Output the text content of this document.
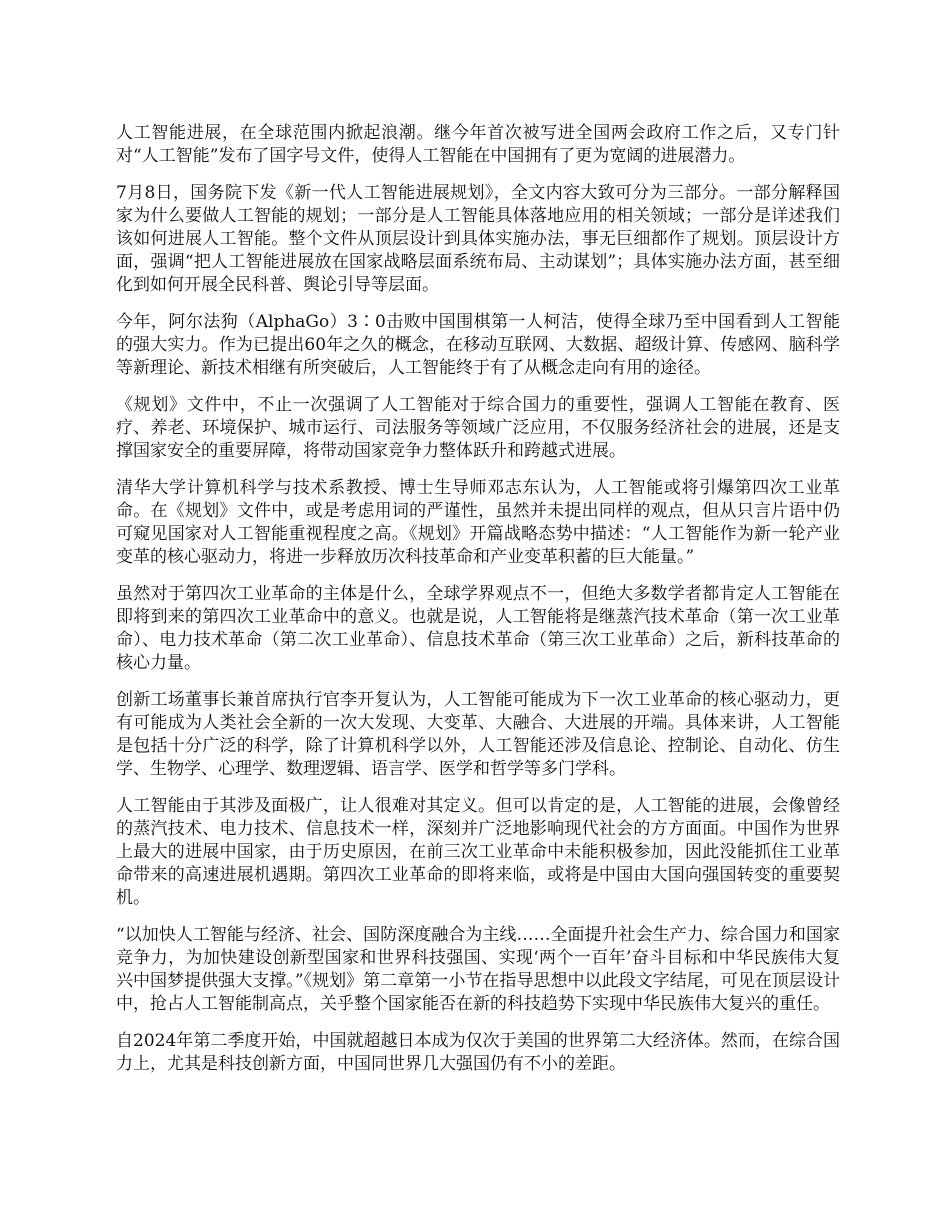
人工智能进展，在全球范围内掀起浪潮。继今年首次被写进全国两会政府工作之后，又专门针对“人工智能”发布了国字号文件，使得人工智能在中国拥有了更为宽阔的进展潜力。

7月8日，国务院下发《新一代人工智能进展规划》，全文内容大致可分为三部分。一部分解释国家为什么要做人工智能的规划；一部分是人工智能具体落地应用的相关领域；一部分是详述我们该如何进展人工智能。整个文件从顶层设计到具体实施办法，事无巨细都作了规划。顶层设计方面，强调“把人工智能进展放在国家战略层面系统布局、主动谋划”；具体实施办法方面，甚至细化到如何开展全民科普、舆论引导等层面。

今年，阿尔法狗（AlphaGo）3∶0击败中国围棋第一人柯洁，使得全球乃至中国看到人工智能的强大实力。作为已提出60年之久的概念，在移动互联网、大数据、超级计算、传感网、脑科学等新理论、新技术相继有所突破后，人工智能终于有了从概念走向有用的途径。

《规划》文件中，不止一次强调了人工智能对于综合国力的重要性，强调人工智能在教育、医疗、养老、环境保护、城市运行、司法服务等领域广泛应用，不仅服务经济社会的进展，还是支撑国家安全的重要屏障，将带动国家竞争力整体跃升和跨越式进展。

清华大学计算机科学与技术系教授、博士生导师邓志东认为，人工智能或将引爆第四次工业革命。在《规划》文件中，或是考虑用词的严谨性，虽然并未提出同样的观点，但从只言片语中仍可窥见国家对人工智能重视程度之高。《规划》开篇战略态势中描述：“人工智能作为新一轮产业变革的核心驱动力，将进一步释放历次科技革命和产业变革积蓄的巨大能量。”

虽然对于第四次工业革命的主体是什么，全球学界观点不一，但绝大多数学者都肯定人工智能在即将到来的第四次工业革命中的意义。也就是说，人工智能将是继蒸汽技术革命（第一次工业革命）、电力技术革命（第二次工业革命）、信息技术革命（第三次工业革命）之后，新科技革命的核心力量。

创新工场董事长兼首席执行官李开复认为，人工智能可能成为下一次工业革命的核心驱动力，更有可能成为人类社会全新的一次大发现、大变革、大融合、大进展的开端。具体来讲，人工智能是包括十分广泛的科学，除了计算机科学以外，人工智能还涉及信息论、控制论、自动化、仿生学、生物学、心理学、数理逻辑、语言学、医学和哲学等多门学科。

人工智能由于其涉及面极广，让人很难对其定义。但可以肯定的是，人工智能的进展，会像曾经的蒸汽技术、电力技术、信息技术一样，深刻并广泛地影响现代社会的方方面面。中国作为世界上最大的进展中国家，由于历史原因，在前三次工业革命中未能积极参加，因此没能抓住工业革命带来的高速进展机遇期。第四次工业革命的即将来临，或将是中国由大国向强国转变的重要契机。

“以加快人工智能与经济、社会、国防深度融合为主线……全面提升社会生产力、综合国力和国家竞争力，为加快建设创新型国家和世界科技强国、实现‘两个一百年’奋斗目标和中华民族伟大复兴中国梦提供强大支撑。”《规划》第二章第一小节在指导思想中以此段文字结尾，可见在顶层设计中，抢占人工智能制高点，关乎整个国家能否在新的科技趋势下实现中华民族伟大复兴的重任。

自2024年第二季度开始，中国就超越日本成为仅次于美国的世界第二大经济体。然而，在综合国力上，尤其是科技创新方面，中国同世界几大强国仍有不小的差距。
